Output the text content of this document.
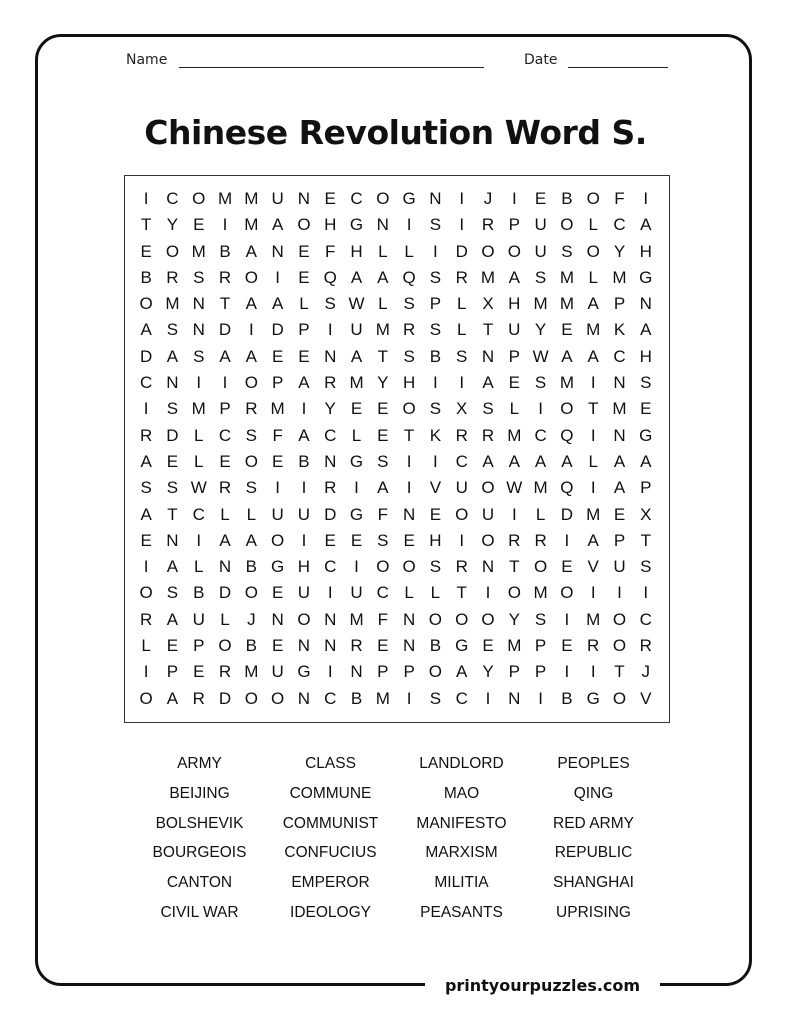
Name	Date
Chinese Revolution Word S.
I	C O M M U N E C O G N	I	J	I	E B O F	I
T Y E	I M A O H G N	I	S	I	R P U O L C A
E O M B A N E F H L L	I	D O O U S O Y H
B R S R O	I	E Q A A Q S R M A S M L M G
O M N T A A L S W L S P L X H M M A P N
A S N D	I	D P	I	U M R S L T U Y E M K A
D A S A A E E N A T S B S N P W A A C H
C N	I	I	O P A R M Y H	I	I	A E S M I	N S
I	S M P R M I	Y E E O S X S L	I	O T M E
R D L C S F A C L E T K R R M C Q	I	N G
A E L E O E B N G S	I	I	C A A A A L A A
S S W R S	I	I	R	I	A	I	V U O W M Q	I	A P
A T C L L U U D G F N E O U	I	L D M E X
E N	I	A A O	I	E E S E H	I	O R R	I	A P T
I	A L N B G H C	I	O O S R N T O E V U S
O S B D O E U	I	U C L L T	I	O M O	I	I	I
R A U L	J N O N M F N O O O Y S	I M O C
L E P O B E N N R E N B G E M P E R O R
I	P E R M U G	I	N P P O A Y P P	I	I	T J
O A R D O O N C B M I	S C	I	N	I	B G O V
ARMY	CLASS	LANDLORD	PEOPLES
BEIJING	COMMUNE	MAO	QING
BOLSHEVIK	COMMUNIST	MANIFESTO	RED ARMY
BOURGEOIS	CONFUCIUS	MARXISM	REPUBLIC
CANTON	EMPEROR	MILITIA	SHANGHAI
CIVIL WAR	IDEOLOGY	PEASANTS	UPRISING
printyourpuzzles.com
